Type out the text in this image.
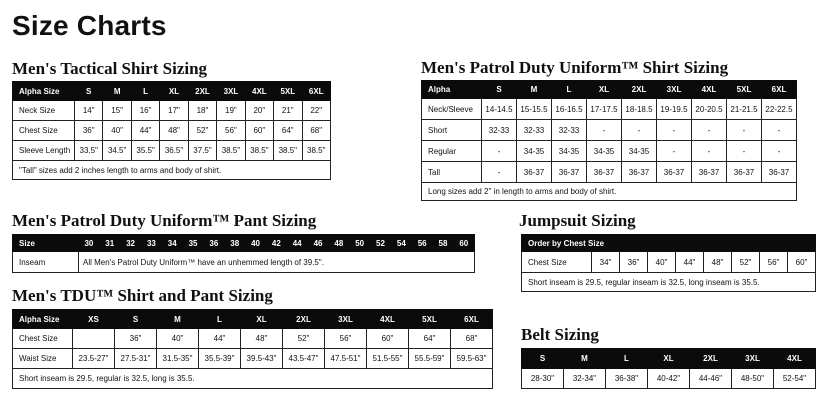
Size Charts
Men's Tactical Shirt Sizing
Alpha Size	S	M	L	XL	2XL	3XL	4XL	5XL	6XL
Neck Size	14"	15"	16"	17"	18"	19"	20"	21"	22"
Chest Size	36"	40"	44"	48"	52"	56"	60"	64"	68"
Sleeve Length	33.5"	34.5"	35.5"	36.5"	37.5"	38.5"	38.5"	38.5"	38.5"
"Tall" sizes add 2 inches length to arms and body of shirt.									
Men's Patrol Duty Uniform™ Shirt Sizing
Alpha	S	M	L	XL	2XL	3XL	4XL	5XL	6XL
Neck/Sleeve	14-14.5	15-15.5	16-16.5	17-17.5	18-18.5	19-19.5	20-20.5	21-21.5	22-22.5
Short	32-33	32-33	32-33	-	-	-	-	-	-
Regular	-	34-35	34-35	34-35	34-35	-	-	-	-
Tall	-	36-37	36-37	36-37	36-37	36-37	36-37	36-37	36-37
Long sizes add 2" in length to arms and body of shirt.									
Men's Patrol Duty Uniform™ Pant Sizing
Size	30	31	32	33	34	35	36	38	40	42	44	46	48	50	52	54	56	58	60
Inseam	All Men's Patrol Duty Uniform™ have an unhemmed length of 39.5".																		
Jumpsuit Sizing
Order by Chest Size
Chest Size	34"	36"	40"	44"	48"	52"	56"	60"
Short inseam is 29.5, regular inseam is 32.5, long inseam is 35.5.
Men's TDU™ Shirt and Pant Sizing
Alpha Size	XS	S	M	L	XL	2XL	3XL	4XL	5XL	6XL
Chest Size		36"	40"	44"	48"	52"	56"	60"	64"	68"
Waist Size	23.5-27"	27.5-31"	31.5-35"	35.5-39"	39.5-43"	43.5-47"	47.5-51"	51.5-55"	55.5-59"	59.5-63"
Short inseam is 29.5, regular is 32.5, long is 35.5.										
Belt Sizing
S	M	L	XL	2XL	3XL	4XL
28-30"	32-34"	36-38"	40-42"	44-46"	48-50"	52-54"
